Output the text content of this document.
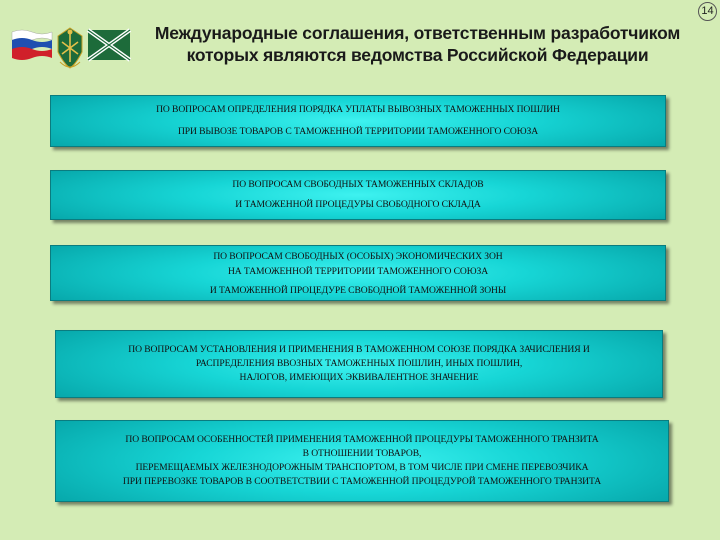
14
Международные соглашения, ответственным разработчиком
которых являются ведомства Российской Федерации
ПО ВОПРОСАМ ОПРЕДЕЛЕНИЯ ПОРЯДКА УПЛАТЫ ВЫВОЗНЫХ ТАМОЖЕННЫХ ПОШЛИН
ПРИ ВЫВОЗЕ ТОВАРОВ С ТАМОЖЕННОЙ ТЕРРИТОРИИ ТАМОЖЕННОГО СОЮЗА
ПО ВОПРОСАМ СВОБОДНЫХ ТАМОЖЕННЫХ СКЛАДОВ
И ТАМОЖЕННОЙ ПРОЦЕДУРЫ СВОБОДНОГО СКЛАДА
ПО ВОПРОСАМ СВОБОДНЫХ (ОСОБЫХ) ЭКОНОМИЧЕСКИХ ЗОН
НА ТАМОЖЕННОЙ ТЕРРИТОРИИ ТАМОЖЕННОГО СОЮЗА
И ТАМОЖЕННОЙ ПРОЦЕДУРЕ СВОБОДНОЙ ТАМОЖЕННОЙ ЗОНЫ
ПО ВОПРОСАМ УСТАНОВЛЕНИЯ И ПРИМЕНЕНИЯ В ТАМОЖЕННОМ СОЮЗЕ ПОРЯДКА ЗАЧИСЛЕНИЯ И
РАСПРЕДЕЛЕНИЯ ВВОЗНЫХ ТАМОЖЕННЫХ ПОШЛИН, ИНЫХ ПОШЛИН,
НАЛОГОВ, ИМЕЮЩИХ ЭКВИВАЛЕНТНОЕ ЗНАЧЕНИЕ
ПО ВОПРОСАМ ОСОБЕННОСТЕЙ ПРИМЕНЕНИЯ ТАМОЖЕННОЙ ПРОЦЕДУРЫ ТАМОЖЕННОГО ТРАНЗИТА
В ОТНОШЕНИИ ТОВАРОВ,
ПЕРЕМЕЩАЕМЫХ ЖЕЛЕЗНОДОРОЖНЫМ ТРАНСПОРТОМ, В ТОМ ЧИСЛЕ ПРИ СМЕНЕ ПЕРЕВОЗЧИКА
ПРИ ПЕРЕВОЗКЕ ТОВАРОВ В СООТВЕТСТВИИ С ТАМОЖЕННОЙ ПРОЦЕДУРОЙ ТАМОЖЕННОГО ТРАНЗИТА
